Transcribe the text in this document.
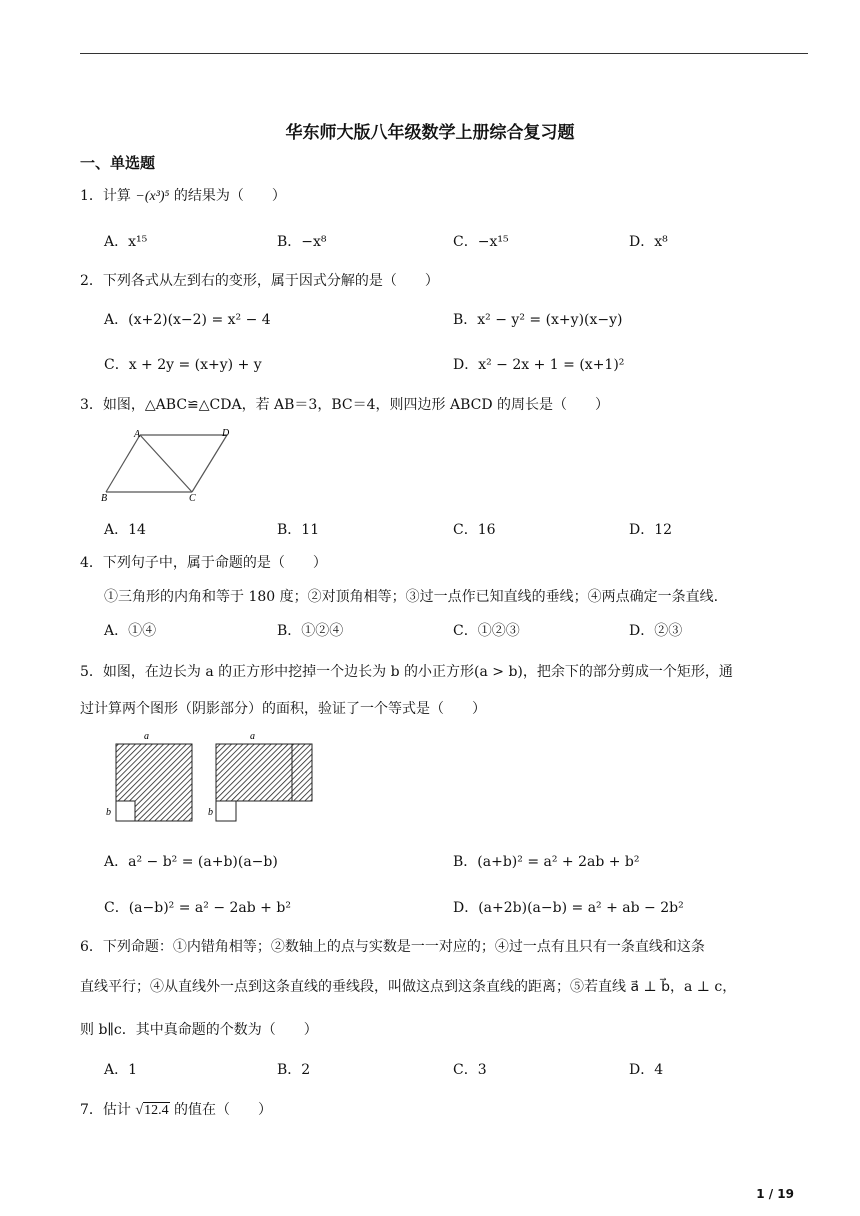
华东师大版八年级数学上册综合复习题
一、单选题
1．计算 −(x³)⁵ 的结果为（　　）
A．x¹⁵	B．−x⁸	C．−x¹⁵	D．x⁸
2．下列各式从左到右的变形，属于因式分解的是（　　）
A．(x+2)(x−2) = x² − 4	B．x² − y² = (x+y)(x−y)
C．x + 2y = (x+y) + y	D．x² − 2x + 1 = (x+1)²
3．如图，△ABC≌△CDA，若 AB＝3，BC＝4，则四边形 ABCD 的周长是（　　）
A	D
B	C
A．14	B．11	C．16	D．12
4．下列句子中，属于命题的是（　　）
①三角形的内角和等于 180 度；②对顶角相等；③过一点作已知直线的垂线；④两点确定一条直线.
A．①④	B．①②④	C．①②③	D．②③
5．如图，在边长为 a 的正方形中挖掉一个边长为 b 的小正方形(a > b)，把余下的部分剪成一个矩形，通
过计算两个图形（阴影部分）的面积，验证了一个等式是（　　）
a
b
a
b
A．a² − b² = (a+b)(a−b)	B．(a+b)² = a² + 2ab + b²
C．(a−b)² = a² − 2ab + b²	D．(a+2b)(a−b) = a² + ab − 2b²
6．下列命题：①内错角相等；②数轴上的点与实数是一一对应的；④过一点有且只有一条直线和这条
直线平行；④从直线外一点到这条直线的垂线段，叫做这点到这条直线的距离；⑤若直线 a⃗ ⊥ b⃗，a ⊥ c，
则 b∥c．其中真命题的个数为（　　）
A．1	B．2	C．3	D．4
7．估计 √12.4 的值在（　　）
1 / 19
